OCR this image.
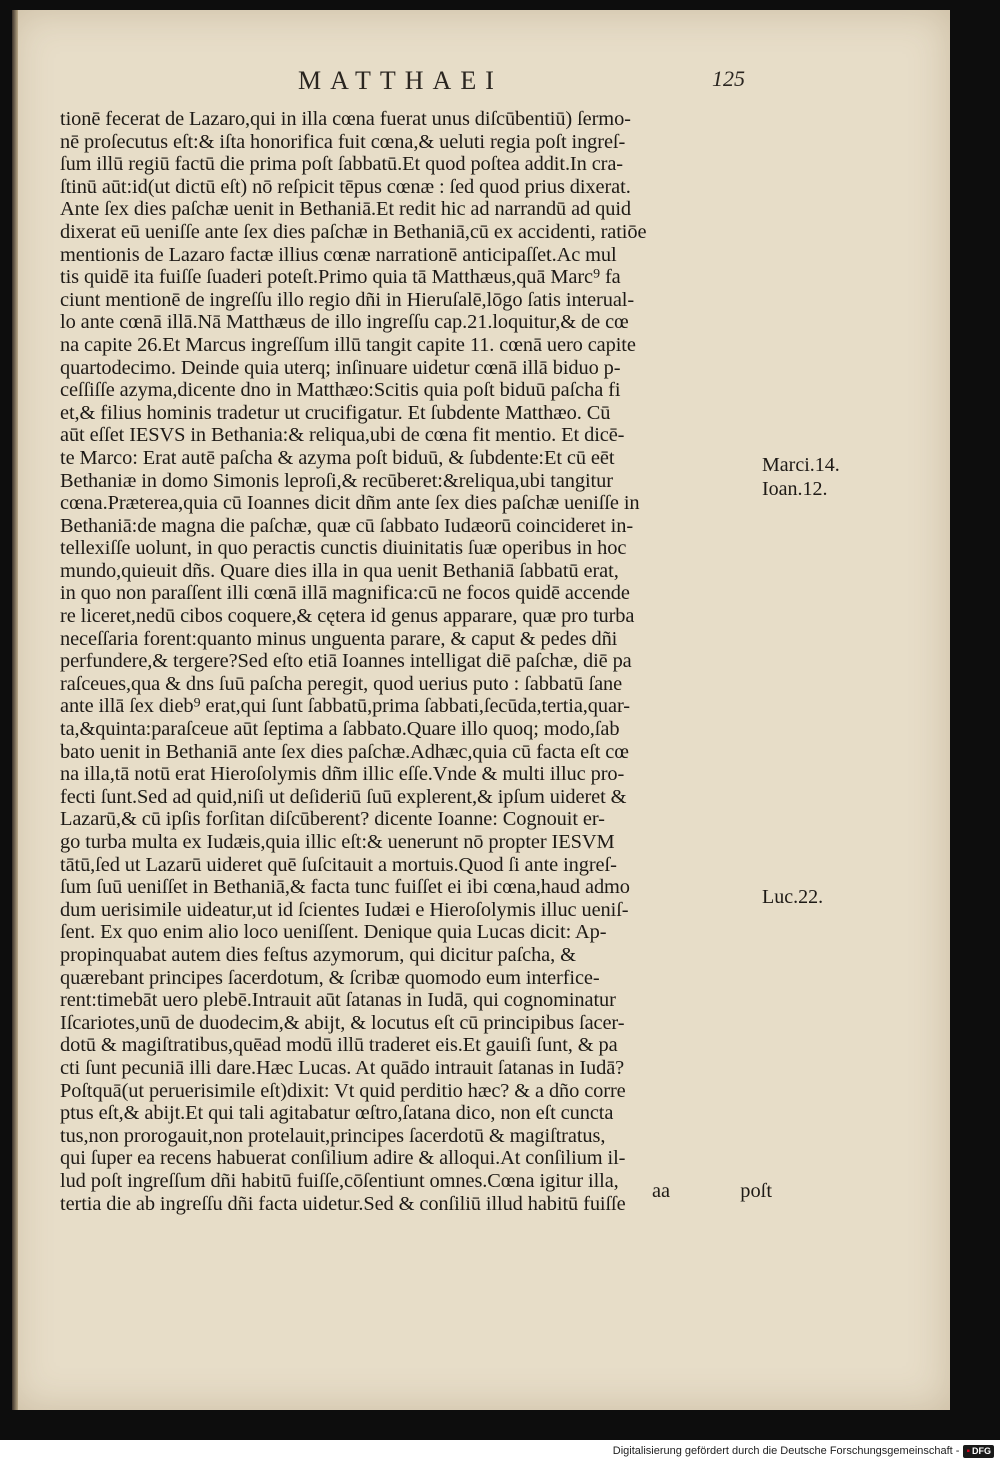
MATTHAEI	125
tionē fecerat de Lazaro,qui in illa cœna fuerat unus diſcūbentiū) ſermo-
nē proſecutus eſt:& iſta honorifica fuit cœna,& ueluti regia poſt ingreſ-
ſum illū regiū factū die prima poſt ſabbatū.Et quod poſtea addit.In cra-
ſtinū aūt:id(ut dictū eſt) nō reſpicit tēpus cœnæ : ſed quod prius dixerat.
Ante ſex dies paſchæ uenit in Bethaniā.Et redit hic ad narrandū ad quid
dixerat eū ueniſſe ante ſex dies paſchæ in Bethaniā,cū ex accidenti, ratiōe
mentionis de Lazaro factæ illius cœnæ narrationē anticipaſſet.Ac mul
tis quidē ita fuiſſe ſuaderi poteſt.Primo quia tā Matthæus,quā Marc⁹ fa
ciunt mentionē de ingreſſu illo regio dñi in Hieruſalē,lōgo ſatis interual-
lo ante cœnā illā.Nā Matthæus de illo ingreſſu cap.21.loquitur,& de cœ
na capite 26.Et Marcus ingreſſum illū tangit capite 11. cœnā uero capite
quartodecimo. Deinde quia uterq; inſinuare uidetur cœnā illā biduo p-
ceſſiſſe azyma,dicente dno in Matthæo:Scitis quia poſt biduū paſcha fi
et,& filius hominis tradetur ut crucifigatur. Et ſubdente Matthæo. Cū
aūt eſſet IESVS in Bethania:& reliqua,ubi de cœna fit mentio. Et dicē-
te Marco: Erat autē paſcha & azyma poſt biduū, & ſubdente:Et cū eēt
Bethaniæ in domo Simonis leproſi,& recūberet:&reliqua,ubi tangitur
cœna.Præterea,quia cū Ioannes dicit dñm ante ſex dies paſchæ ueniſſe in
Bethaniā:de magna die paſchæ, quæ cū ſabbato Iudæorū coincideret in-
tellexiſſe uolunt, in quo peractis cunctis diuinitatis ſuæ operibus in hoc
mundo,quieuit dñs. Quare dies illa in qua uenit Bethaniā ſabbatū erat,
in quo non paraſſent illi cœnā illā magnifica:cū ne focos quidē accende
re liceret,nedū cibos coquere,& cętera id genus apparare, quæ pro turba
neceſſaria forent:quanto minus unguenta parare, & caput & pedes dñi
perfundere,& tergere?Sed eſto etiā Ioannes intelligat diē paſchæ, diē pa
raſceues,qua & dns ſuū paſcha peregit, quod uerius puto : ſabbatū ſane
ante illā ſex dieb⁹ erat,qui ſunt ſabbatū,prima ſabbati,ſecūda,tertia,quar-
ta,&quinta:paraſceue aūt ſeptima a ſabbato.Quare illo quoq; modo,ſab
bato uenit in Bethaniā ante ſex dies paſchæ.Adhæc,quia cū facta eſt cœ
na illa,tā notū erat Hieroſolymis dñm illic eſſe.Vnde & multi illuc pro-
fecti ſunt.Sed ad quid,niſi ut deſideriū ſuū explerent,& ipſum uideret &
Lazarū,& cū ipſis forſitan diſcūberent? dicente Ioanne: Cognouit er-
go turba multa ex Iudæis,quia illic eſt:& uenerunt nō propter IESVM
tātū,ſed ut Lazarū uideret quē ſuſcitauit a mortuis.Quod ſi ante ingreſ-
ſum ſuū ueniſſet in Bethaniā,& facta tunc fuiſſet ei ibi cœna,haud admo
dum uerisimile uideatur,ut id ſcientes Iudæi e Hieroſolymis illuc ueniſ-
ſent. Ex quo enim alio loco ueniſſent. Denique quia Lucas dicit: Ap-
propinquabat autem dies feſtus azymorum, qui dicitur paſcha, &
quærebant principes ſacerdotum, & ſcribæ quomodo eum interfice-
rent:timebāt uero plebē.Intrauit aūt ſatanas in Iudā, qui cognominatur
Iſcariotes,unū de duodecim,& abijt, & locutus eſt cū principibus ſacer-
dotū & magiſtratibus,quēad modū illū traderet eis.Et gauiſi ſunt, & pa
cti ſunt pecuniā illi dare.Hæc Lucas. At quādo intrauit ſatanas in Iudā?
Poſtquā(ut peruerisimile eſt)dixit: Vt quid perditio hæc? & a dño corre
ptus eſt,& abijt.Et qui tali agitabatur œſtro,ſatana dico, non eſt cuncta
tus,non prorogauit,non protelauit,principes ſacerdotū & magiſtratus,
qui ſuper ea recens habuerat conſilium adire & alloqui.At conſilium il-
lud poſt ingreſſum dñi habitū fuiſſe,cōſentiunt omnes.Cœna igitur illa,
tertia die ab ingreſſu dñi facta uidetur.Sed & conſiliū illud habitū fuiſſe
Marci.14.
Ioan.12.
Luc.22.
aa	poſt
Digitalisierung gefördert durch die Deutsche Forschungsgemeinschaft -
▪	DFG
